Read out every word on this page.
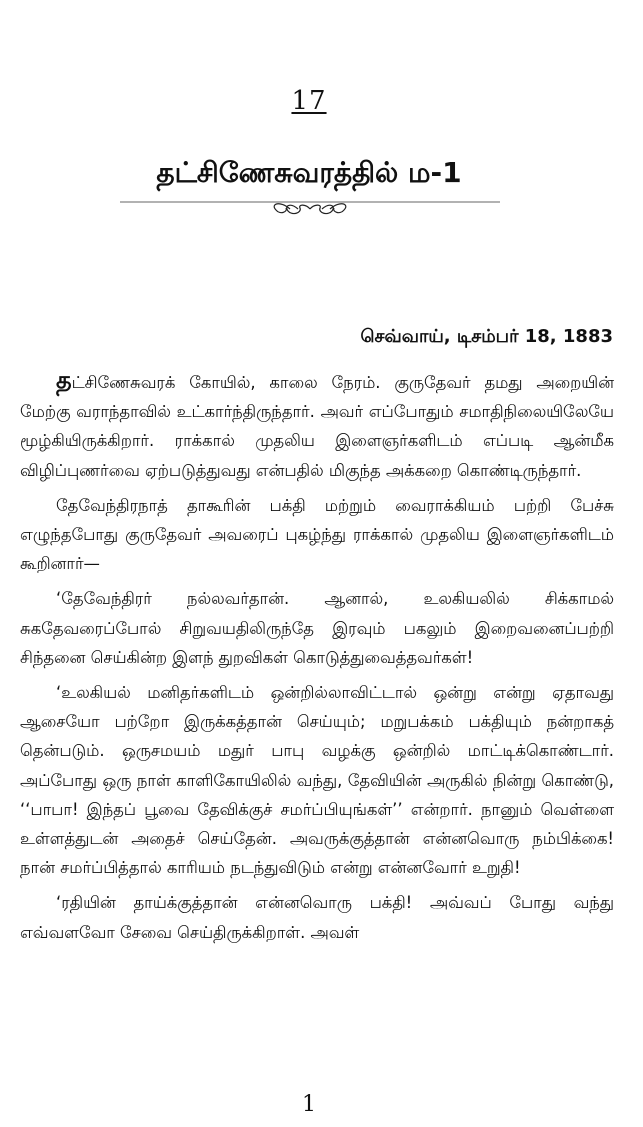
17
தட்சிணேசுவரத்தில் ம-1
செவ்வாய், டிசம்பர் 18, 1883

தட்சிணேசுவரக் கோயில், காலை நேரம். குருதேவர் தமது அறையின் மேற்கு வராந்தாவில் உட்கார்ந்திருந்தார். அவர் எப்போதும் சமாதிநிலையிலேயே மூழ்கியிருக்கிறார். ராக்கால் முதலிய இளைஞர்களிடம் எப்படி ஆன்மீக விழிப்புணர்வை ஏற்படுத்துவது என்பதில் மிகுந்த அக்கறை கொண்டிருந்தார்.

தேவேந்திரநாத் தாகூரின் பக்தி மற்றும் வைராக்கியம் பற்றி பேச்சு எழுந்தபோது குருதேவர் அவரைப் புகழ்ந்து ராக்கால் முதலிய இளைஞர்களிடம் கூறினார்—

‘தேவேந்திரர் நல்லவர்தான். ஆனால், உலகியலில் சிக்காமல் சுகதேவரைப்போல் சிறுவயதிலிருந்தே இரவும் பகலும் இறைவனைப்பற்றி சிந்தனை செய்கின்ற இளந் துறவிகள் கொடுத்துவைத்தவர்கள்!

‘உலகியல் மனிதர்களிடம் ஒன்றில்லாவிட்டால் ஒன்று என்று ஏதாவது ஆசையோ பற்றோ இருக்கத்தான் செய்யும்; மறுபக்கம் பக்தியும் நன்றாகத் தென்படும். ஒருசமயம் மதுர் பாபு வழக்கு ஒன்றில் மாட்டிக்கொண்டார். அப்போது ஒரு நாள் காளிகோயிலில் வந்து, தேவியின் அருகில் நின்று கொண்டு, ‘‘பாபா! இந்தப் பூவை தேவிக்குச் சமர்ப்பியுங்கள்’’ என்றார். நானும் வெள்ளை உள்ளத்துடன் அதைச் செய்தேன். அவருக்குத்தான் என்னவொரு நம்பிக்கை! நான் சமர்ப்பித்தால் காரியம் நடந்துவிடும் என்று என்னவோர் உறுதி!

‘ரதியின் தாய்க்குத்தான் என்னவொரு பக்தி! அவ்வப் போது வந்து எவ்வளவோ சேவை செய்திருக்கிறாள். அவள்

1
